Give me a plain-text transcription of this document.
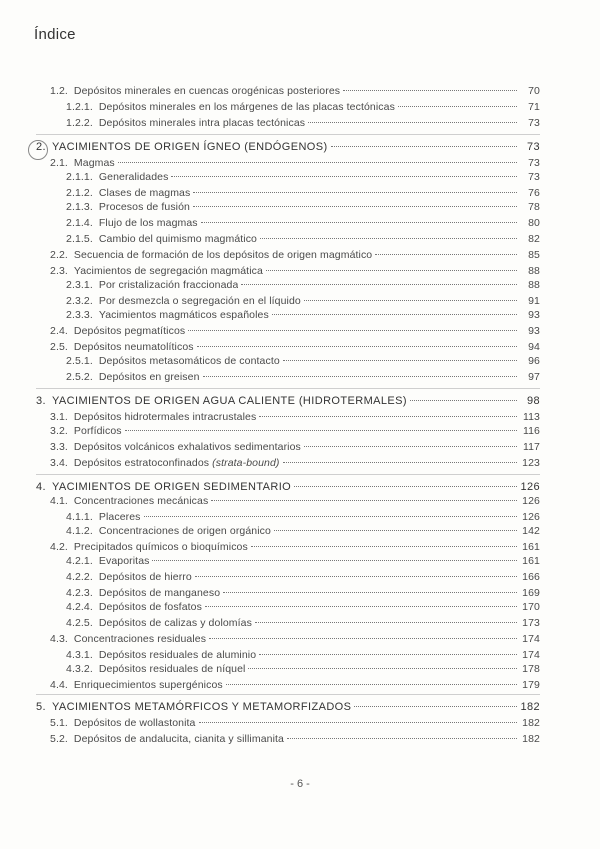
Índice
1.2. Depósitos minerales en cuencas orogénicas posteriores	70
1.2.1. Depósitos minerales en los márgenes de las placas tectónicas	71
1.2.2. Depósitos minerales intra placas tectónicas	73
2. YACIMIENTOS DE ORIGEN ÍGNEO (ENDÓGENOS)	73
2.1. Magmas	73
2.1.1. Generalidades	73
2.1.2. Clases de magmas	76
2.1.3. Procesos de fusión	78
2.1.4. Flujo de los magmas	80
2.1.5. Cambio del quimismo magmático	82
2.2. Secuencia de formación de los depósitos de origen magmático	85
2.3. Yacimientos de segregación magmática	88
2.3.1. Por cristalización fraccionada	88
2.3.2. Por desmezcla o segregación en el líquido	91
2.3.3. Yacimientos magmáticos españoles	93
2.4. Depósitos pegmatíticos	93
2.5. Depósitos neumatolíticos	94
2.5.1. Depósitos metasomáticos de contacto	96
2.5.2. Depósitos en greisen	97
3. YACIMIENTOS DE ORIGEN AGUA CALIENTE (HIDROTERMALES)	98
3.1. Depósitos hidrotermales intracrustales	113
3.2. Porfídicos	116
3.3. Depósitos volcánicos exhalativos sedimentarios	117
3.4. Depósitos estratoconfinados (strata-bound)	123
4. YACIMIENTOS DE ORIGEN SEDIMENTARIO	126
4.1. Concentraciones mecánicas	126
4.1.1. Placeres	126
4.1.2. Concentraciones de origen orgánico	142
4.2. Precipitados químicos o bioquímicos	161
4.2.1. Evaporitas	161
4.2.2. Depósitos de hierro	166
4.2.3. Depósitos de manganeso	169
4.2.4. Depósitos de fosfatos	170
4.2.5. Depósitos de calizas y dolomías	173
4.3. Concentraciones residuales	174
4.3.1. Depósitos residuales de aluminio	174
4.3.2. Depósitos residuales de níquel	178
4.4. Enriquecimientos supergénicos	179
5. YACIMIENTOS METAMÓRFICOS Y METAMORFIZADOS	182
5.1. Depósitos de wollastonita	182
5.2. Depósitos de andalucita, cianita y sillimanita	182
- 6 -
